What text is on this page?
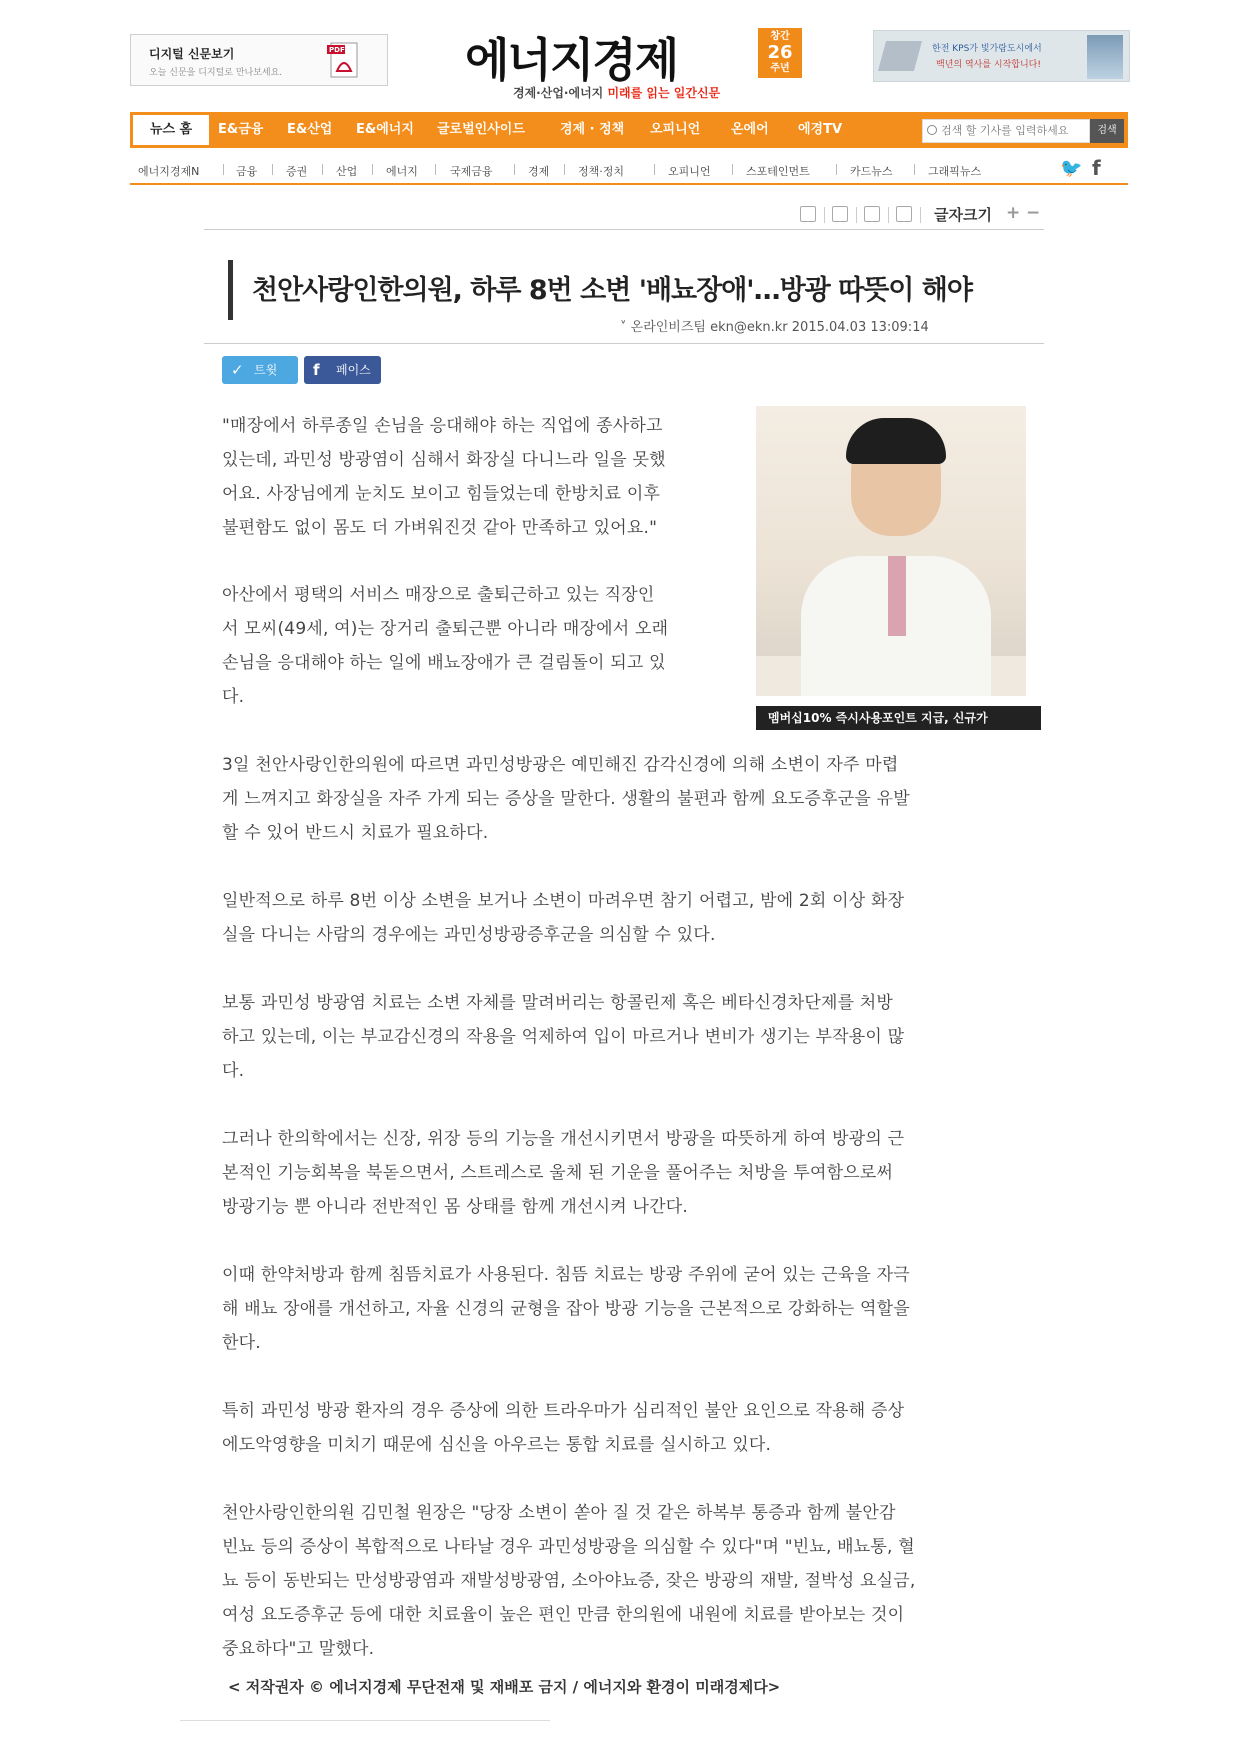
디지털 신문보기
오늘 신문을 디지털로 만나보세요.
PDF	에너지경제	창간
26
주년
경제·산업·에너지 미래를 읽는 일간신문
한전 KPS가 빛가람도시에서
백년의 역사를 시작합니다!
뉴스 홈	E&금융 E&산업 E&에너지 글로벌인사이드	경제 · 정책 오피니언 온에어 에경TV	검색 할 기사를 입력하세요	검색
에너지경제N	금융	증권	산업	에너지	국제금융	경제	정책·정치	오피니언	스포테인먼트	카드뉴스	그래픽뉴스	🐦 f
글자크기 + −
천안사랑인한의원, 하루 8번 소변 '배뇨장애'…방광 따뜻이 해야
˅ 온라인비즈팀 ekn@ekn.kr 2015.04.03 13:09:14
✓ 트윗	f 페이스북
멤버십10% 즉시사용포인트 지급, 신규가
"매장에서 하루종일 손님을 응대해야 하는 직업에 종사하고
있는데, 과민성 방광염이 심해서 화장실 다니느라 일을 못했
어요. 사장님에게 눈치도 보이고 힘들었는데 한방치료 이후
불편함도 없이 몸도 더 가벼워진것 같아 만족하고 있어요."
아산에서 평택의 서비스 매장으로 출퇴근하고 있는 직장인
서 모씨(49세, 여)는 장거리 출퇴근뿐 아니라 매장에서 오래
손님을 응대해야 하는 일에 배뇨장애가 큰 걸림돌이 되고 있
다.
3일 천안사랑인한의원에 따르면 과민성방광은 예민해진 감각신경에 의해 소변이 자주 마렵
게 느껴지고 화장실을 자주 가게 되는 증상을 말한다. 생활의 불편과 함께 요도증후군을 유발
할 수 있어 반드시 치료가 필요하다.
일반적으로 하루 8번 이상 소변을 보거나 소변이 마려우면 참기 어렵고, 밤에 2회 이상 화장
실을 다니는 사람의 경우에는 과민성방광증후군을 의심할 수 있다.
보통 과민성 방광염 치료는 소변 자체를 말려버리는 항콜린제 혹은 베타신경차단제를 처방
하고 있는데, 이는 부교감신경의 작용을 억제하여 입이 마르거나 변비가 생기는 부작용이 많
다.
그러나 한의학에서는 신장, 위장 등의 기능을 개선시키면서 방광을 따뜻하게 하여 방광의 근
본적인 기능회복을 북돋으면서, 스트레스로 울체 된 기운을 풀어주는 처방을 투여함으로써
방광기능 뿐 아니라 전반적인 몸 상태를 함께 개선시켜 나간다.
이때 한약처방과 함께 침뜸치료가 사용된다. 침뜸 치료는 방광 주위에 굳어 있는 근육을 자극
해 배뇨 장애를 개선하고, 자율 신경의 균형을 잡아 방광 기능을 근본적으로 강화하는 역할을
한다.
특히 과민성 방광 환자의 경우 증상에 의한 트라우마가 심리적인 불안 요인으로 작용해 증상
에도악영향을 미치기 때문에 심신을 아우르는 통합 치료를 실시하고 있다.
천안사랑인한의원 김민철 원장은 "당장 소변이 쏟아 질 것 같은 하복부 통증과 함께 불안감
빈뇨 등의 증상이 복합적으로 나타날 경우 과민성방광을 의심할 수 있다"며 "빈뇨, 배뇨통, 혈
뇨 등이 동반되는 만성방광염과 재발성방광염, 소아야뇨증, 잦은 방광의 재발, 절박성 요실금,
여성 요도증후군 등에 대한 치료율이 높은 편인 만큼 한의원에 내원에 치료를 받아보는 것이
중요하다"고 말했다.
< 저작권자 © 에너지경제 무단전재 및 재배포 금지 / 에너지와 환경이 미래경제다>
